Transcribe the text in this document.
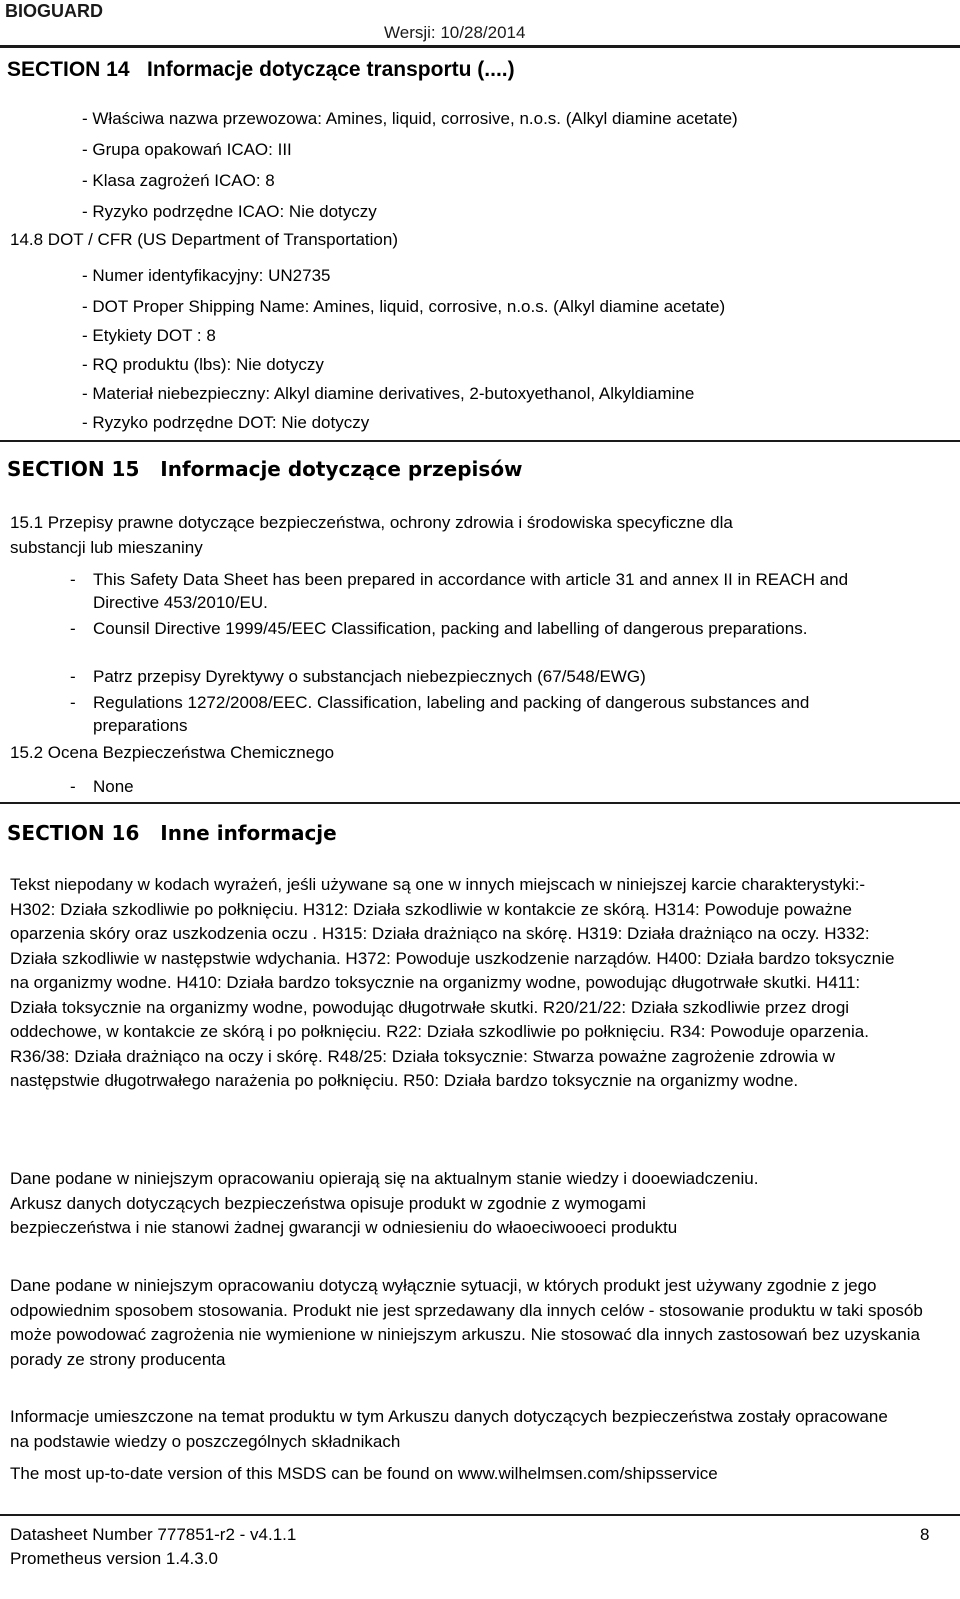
BIOGUARD
Wersji: 10/28/2014
SECTION 14   Informacje dotyczące transportu (....)
- Właściwa nazwa przewozowa: Amines, liquid, corrosive, n.o.s. (Alkyl diamine acetate)
- Grupa opakowań ICAO: III
- Klasa zagrożeń ICAO: 8
- Ryzyko podrzędne ICAO: Nie dotyczy
14.8 DOT / CFR (US Department of Transportation)
- Numer identyfikacyjny: UN2735
- DOT Proper Shipping Name: Amines, liquid, corrosive, n.o.s. (Alkyl diamine acetate)
- Etykiety DOT : 8
- RQ produktu (lbs): Nie dotyczy
- Materiał niebezpieczny: Alkyl diamine derivatives, 2-butoxyethanol, Alkyldiamine
- Ryzyko podrzędne DOT: Nie dotyczy
SECTION 15 Informacje dotyczące przepisów
15.1 Przepisy prawne dotyczące bezpieczeństwa, ochrony zdrowia i środowiska specyficzne dla substancji lub mieszaniny
- This Safety Data Sheet has been prepared in accordance with article 31 and annex II in REACH and Directive 453/2010/EU.
- Counsil Directive 1999/45/EEC Classification, packing and labelling of dangerous preparations.
- Patrz przepisy Dyrektywy o substancjach niebezpiecznych (67/548/EWG)
- Regulations 1272/2008/EEC. Classification, labeling and packing of dangerous substances and preparations
15.2 Ocena Bezpieczeństwa Chemicznego
- None
SECTION 16 Inne informacje
Tekst niepodany w kodach wyrażeń, jeśli używane są one w innych miejscach w niniejszej karcie charakterystyki:- H302: Działa szkodliwie po połknięciu. H312: Działa szkodliwie w kontakcie ze skórą. H314: Powoduje poważne oparzenia skóry oraz uszkodzenia oczu . H315: Działa drażniąco na skórę. H319: Działa drażniąco na oczy. H332: Działa szkodliwie w następstwie wdychania. H372: Powoduje uszkodzenie narządów. H400: Działa bardzo toksycznie na organizmy wodne. H410: Działa bardzo toksycznie na organizmy wodne, powodując długotrwałe skutki. H411: Działa toksycznie na organizmy wodne, powodując długotrwałe skutki. R20/21/22: Działa szkodliwie przez drogi oddechowe, w kontakcie ze skórą i po połknięciu. R22: Działa szkodliwie po połknięciu. R34: Powoduje oparzenia. R36/38: Działa drażniąco na oczy i skórę. R48/25: Działa toksycznie: Stwarza poważne zagrożenie zdrowia w następstwie długotrwałego narażenia po połknięciu. R50: Działa bardzo toksycznie na organizmy wodne.
Dane podane w niniejszym opracowaniu opierają się na aktualnym stanie wiedzy i dooewiadczeniu. Arkusz danych dotyczących bezpieczeństwa opisuje produkt w zgodnie z wymogami bezpieczeństwa i nie stanowi żadnej gwarancji w odniesieniu do właoeciwooeci produktu
Dane podane w niniejszym opracowaniu dotyczą wyłącznie sytuacji, w których produkt jest używany zgodnie z jego odpowiednim sposobem stosowania. Produkt nie jest sprzedawany dla innych celów - stosowanie produktu w taki sposób może powodować zagrożenia nie wymienione w niniejszym arkuszu. Nie stosować dla innych zastosowań bez uzyskania porady ze strony producenta
Informacje umieszczone na temat produktu w tym Arkuszu danych dotyczących bezpieczeństwa zostały opracowane na podstawie wiedzy o poszczególnych składnikach
The most up-to-date version of this MSDS can be found on www.wilhelmsen.com/shipsservice
Datasheet Number 777851-r2 - v4.1.1
Prometheus version 1.4.3.0
8
